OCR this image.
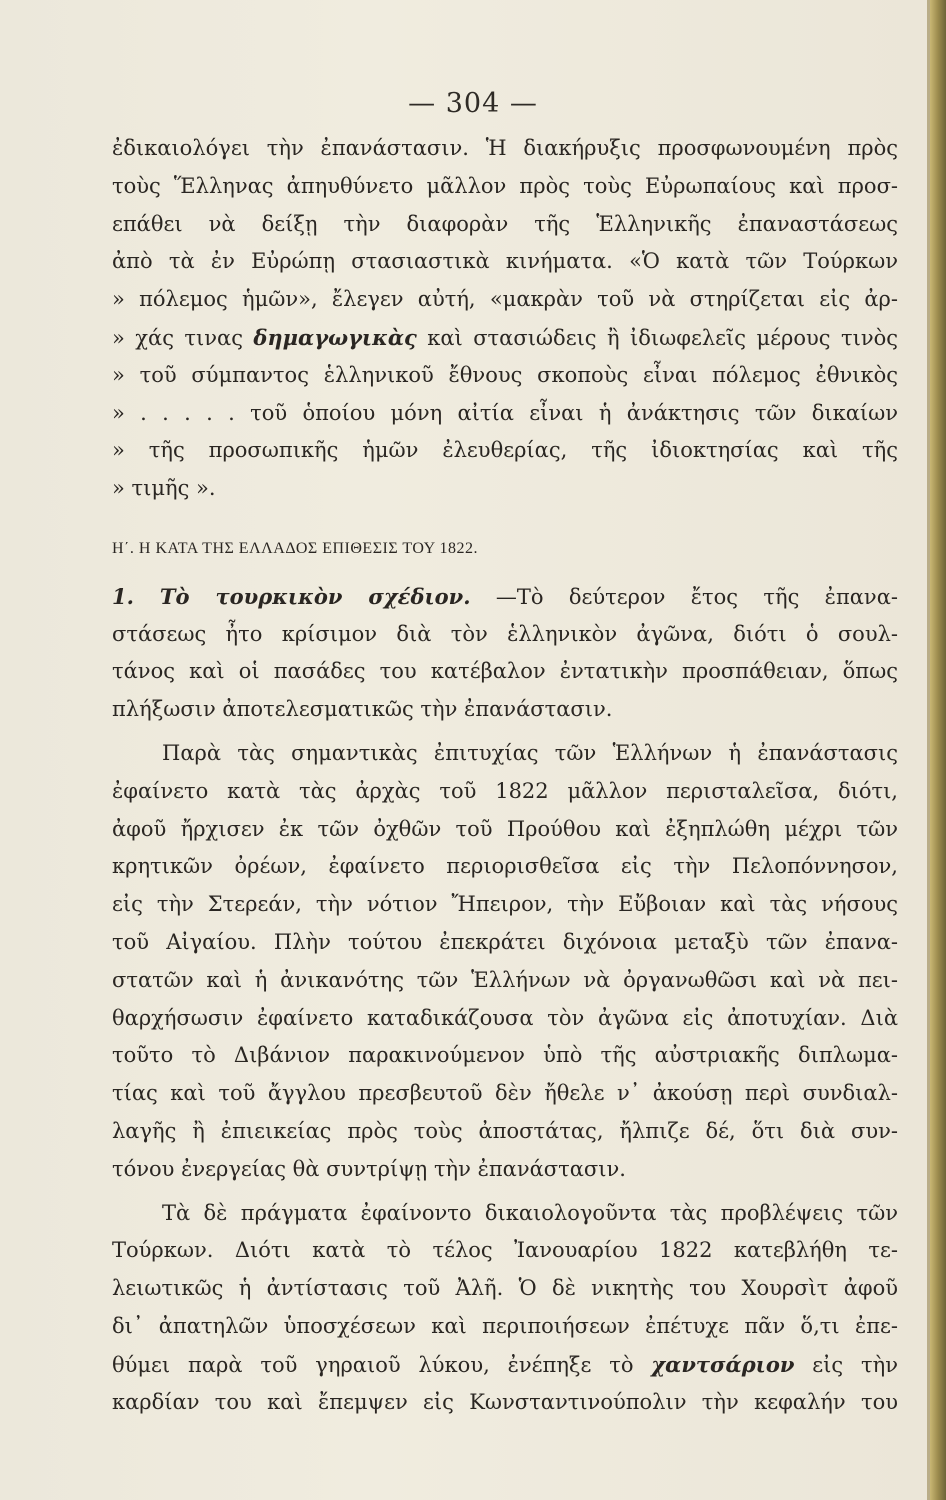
— 304 —
ἐδικαιολόγει τὴν ἐπανάστασιν. Ἡ διακήρυξις προσφωνουμένη πρὸς
τοὺς Ἕλληνας ἀπηυθύνετο μᾶλλον πρὸς τοὺς Εὐρωπαίους καὶ προσ-
επάθει νὰ δείξῃ τὴν διαφορὰν τῆς Ἑλληνικῆς ἐπαναστάσεως
ἀπὸ τὰ ἐν Εὐρώπῃ στασιαστικὰ κινήματα. «Ὁ κατὰ τῶν Τούρκων
» πόλεμος ἡμῶν», ἔλεγεν αὐτή, «μακρὰν τοῦ νὰ στηρίζεται εἰς ἀρ-
» χάς τινας δημαγωγικὰς καὶ στασιώδεις ἢ ἰδιωφελεῖς μέρους τινὸς
» τοῦ σύμπαντος ἑλληνικοῦ ἔθνους σκοποὺς εἶναι πόλεμος ἐθνικὸς
» . . . . . τοῦ ὁποίου μόνη αἰτία εἶναι ἡ ἀνάκτησις τῶν δικαίων
» τῆς προσωπικῆς ἡμῶν ἐλευθερίας, τῆς ἰδιοκτησίας καὶ τῆς
» τιμῆς ».
Η΄. Η ΚΑΤΑ ΤΗΣ ΕΛΛΑΔΟΣ ΕΠΙΘΕΣΙΣ ΤΟΥ 1822.
1. Τὸ τουρκικὸν σχέδιον. —Τὸ δεύτερον ἔτος τῆς ἐπανα-
στάσεως ἦτο κρίσιμον διὰ τὸν ἑλληνικὸν ἀγῶνα, διότι ὁ σουλ-
τάνος καὶ οἱ πασάδες του κατέβαλον ἐντατικὴν προσπάθειαν, ὅπως
πλήξωσιν ἀποτελεσματικῶς τὴν ἐπανάστασιν.
Παρὰ τὰς σημαντικὰς ἐπιτυχίας τῶν Ἑλλήνων ἡ ἐπανάστασις
ἐφαίνετο κατὰ τὰς ἀρχὰς τοῦ 1822 μᾶλλον περισταλεῖσα, διότι,
ἀφοῦ ἤρχισεν ἐκ τῶν ὀχθῶν τοῦ Προύθου καὶ ἐξηπλώθη μέχρι τῶν
κρητικῶν ὀρέων, ἐφαίνετο περιορισθεῖσα εἰς τὴν Πελοπόννησον,
εἰς τὴν Στερεάν, τὴν νότιον Ἤπειρον, τὴν Εὔβοιαν καὶ τὰς νήσους
τοῦ Αἰγαίου. Πλὴν τούτου ἐπεκράτει διχόνοια μεταξὺ τῶν ἐπανα-
στατῶν καὶ ἡ ἀνικανότης τῶν Ἑλλήνων νὰ ὀργανωθῶσι καὶ νὰ πει-
θαρχήσωσιν ἐφαίνετο καταδικάζουσα τὸν ἀγῶνα εἰς ἀποτυχίαν. Διὰ
τοῦτο τὸ Διβάνιον παρακινούμενον ὑπὸ τῆς αὐστριακῆς διπλωμα-
τίας καὶ τοῦ ἄγγλου πρεσβευτοῦ δὲν ἤθελε ν᾽ ἀκούσῃ περὶ συνδιαλ-
λαγῆς ἢ ἐπιεικείας πρὸς τοὺς ἀποστάτας, ἤλπιζε δέ, ὅτι διὰ συν-
τόνου ἐνεργείας θὰ συντρίψῃ τὴν ἐπανάστασιν.
Τὰ δὲ πράγματα ἐφαίνοντο δικαιολογοῦντα τὰς προβλέψεις τῶν
Τούρκων. Διότι κατὰ τὸ τέλος Ἰανουαρίου 1822 κατεβλήθη τε-
λειωτικῶς ἡ ἀντίστασις τοῦ Ἀλῆ. Ὁ δὲ νικητὴς του Χουρσὶτ ἀφοῦ
δι᾽ ἀπατηλῶν ὑποσχέσεων καὶ περιποιήσεων ἐπέτυχε πᾶν ὅ,τι ἐπε-
θύμει παρὰ τοῦ γηραιοῦ λύκου, ἐνέπηξε τὸ χαντσάριον εἰς τὴν
καρδίαν του καὶ ἔπεμψεν εἰς Κωνσταντινούπολιν τὴν κεφαλήν του
